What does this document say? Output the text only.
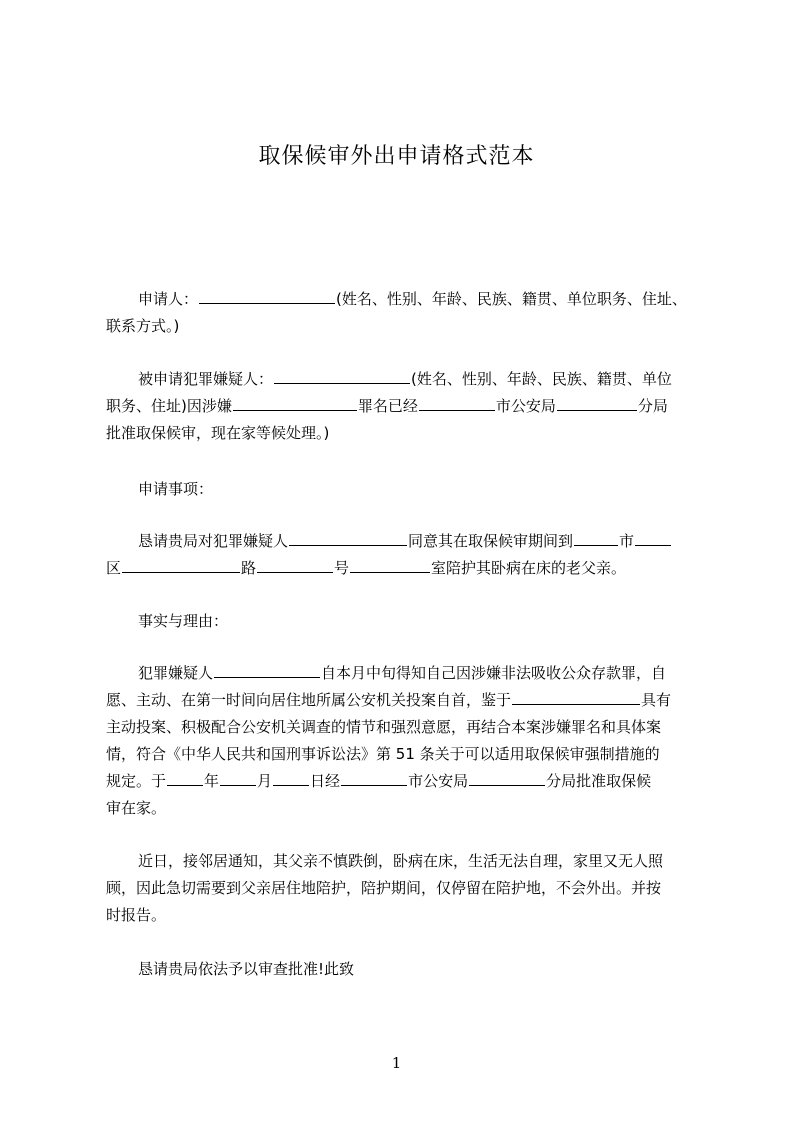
取保候审外出申请格式范本
申请人：	(姓名、性别、年龄、民族、籍贯、单位职务、住址、
联系方式。)
被申请犯罪嫌疑人：	(姓名、性别、年龄、民族、籍贯、单位
职务、住址)因涉嫌	罪名已经	市公安局	分局
批准取保候审，现在家等候处理。)
申请事项：
恳请贵局对犯罪嫌疑人	同意其在取保候审期间到	市
区	路	号	室陪护其卧病在床的老父亲。
事实与理由：
犯罪嫌疑人	自本月中旬得知自己因涉嫌非法吸收公众存款罪，自
愿、主动、在第一时间向居住地所属公安机关投案自首，鉴于	具有
主动投案、积极配合公安机关调查的情节和强烈意愿，再结合本案涉嫌罪名和具体案
情，符合《中华人民共和国刑事诉讼法》第 51 条关于可以适用取保候审强制措施的
规定。于	年	月	日经	市公安局	分局批准取保候
审在家。
近日，接邻居通知，其父亲不慎跌倒，卧病在床，生活无法自理，家里又无人照
顾，因此急切需要到父亲居住地陪护，陪护期间，仅停留在陪护地，不会外出。并按
时报告。
恳请贵局依法予以审查批准!此致
1
